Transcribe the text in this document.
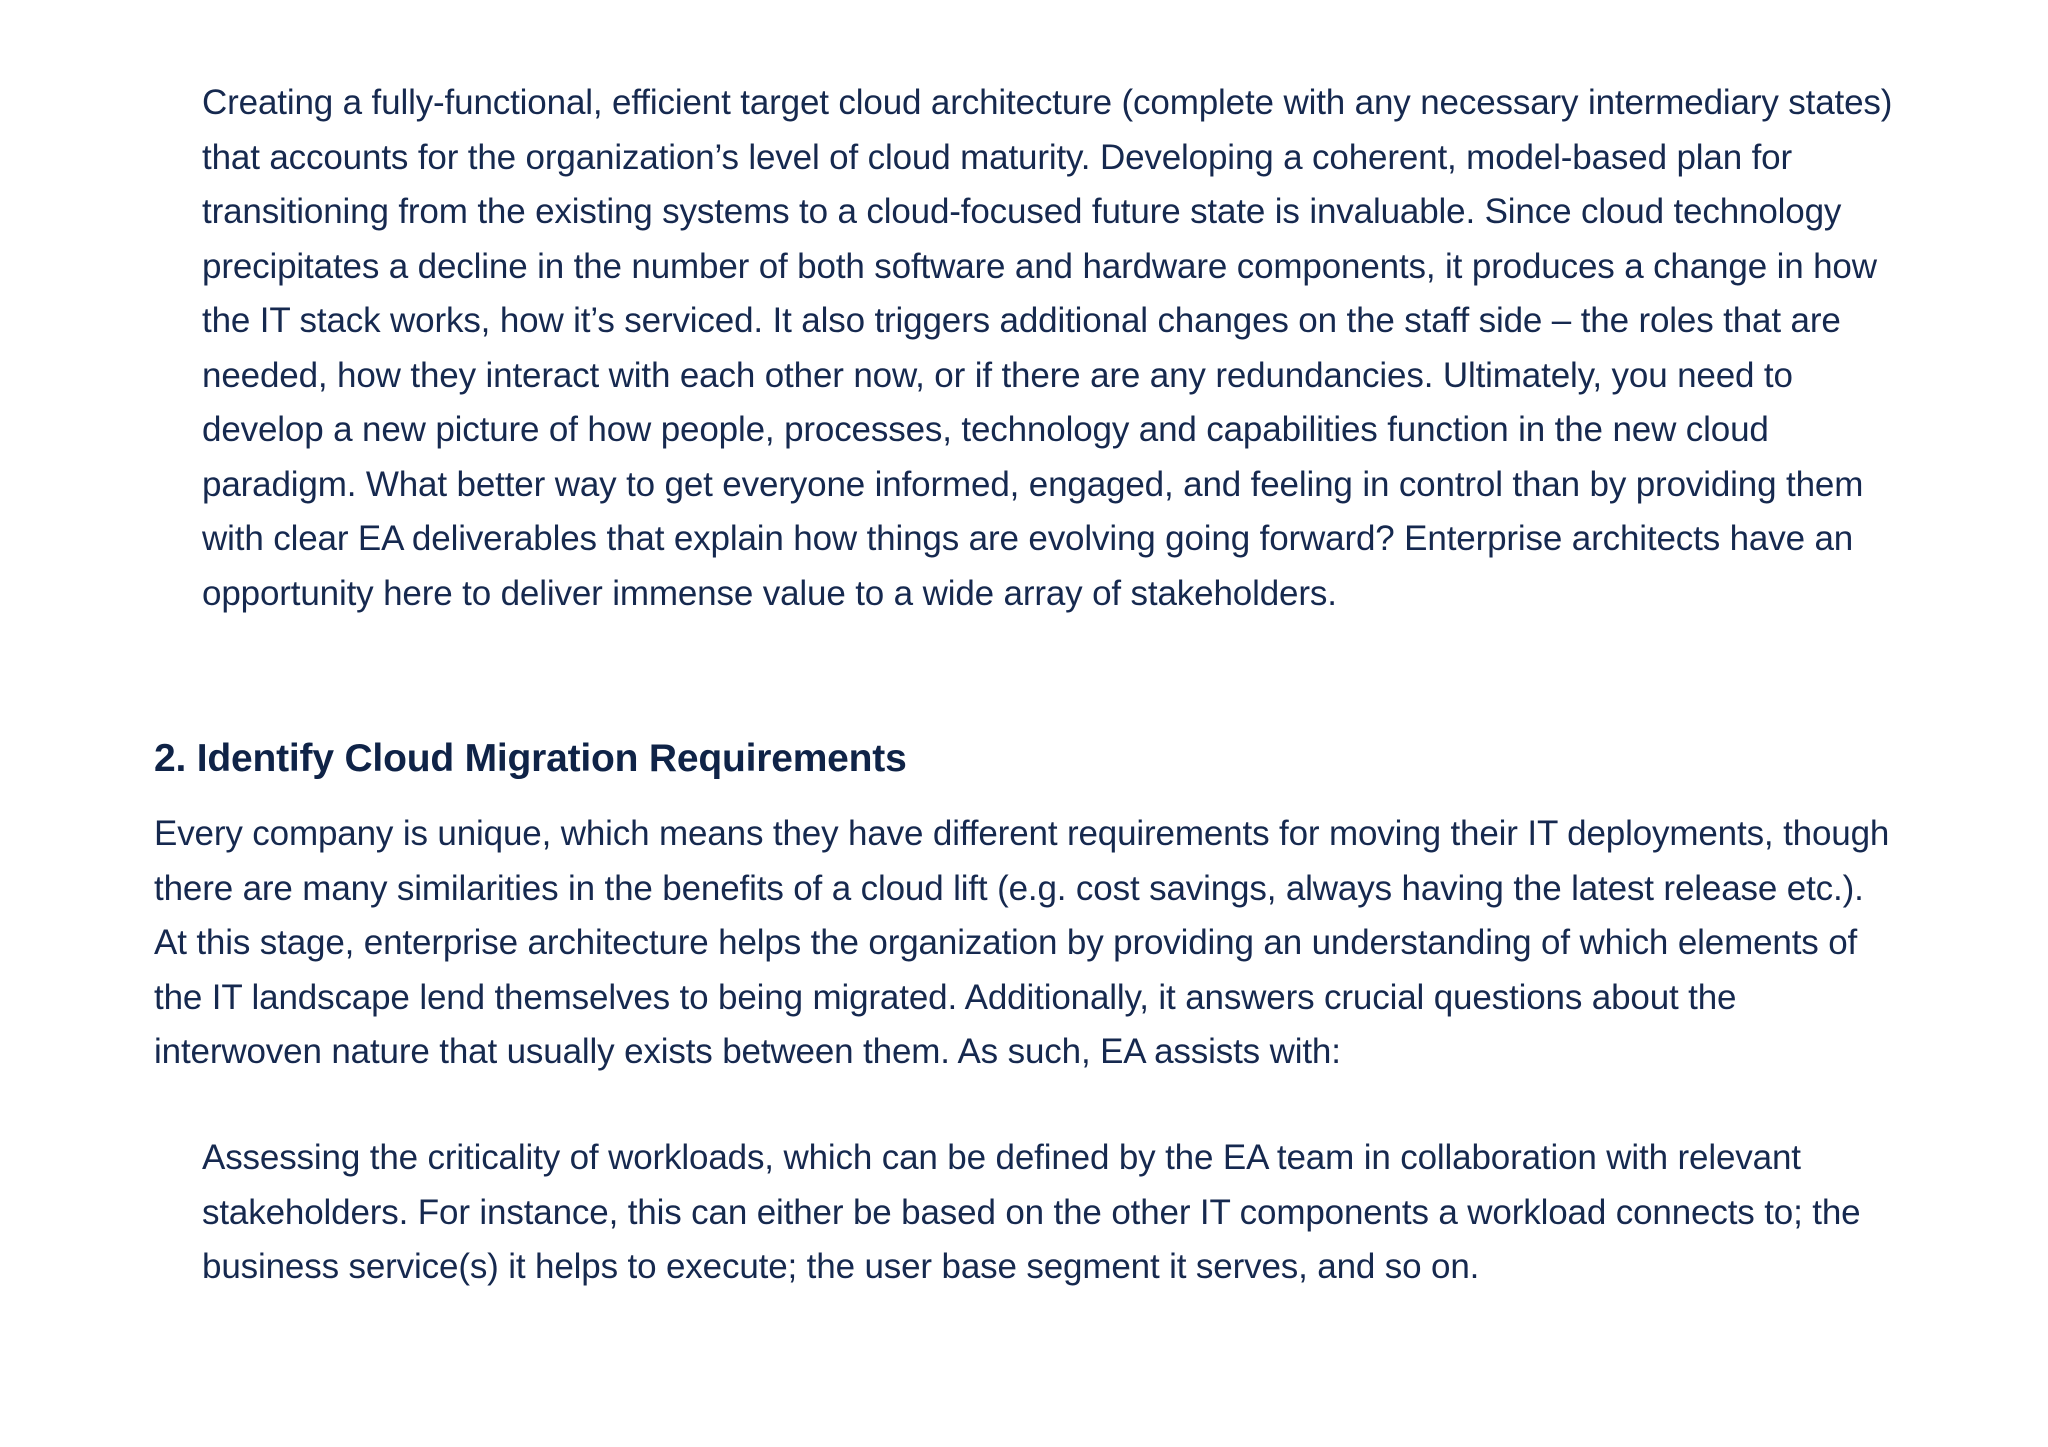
Creating a fully-functional, efficient target cloud architecture (complete with any necessary intermediary states) that accounts for the organization’s level of cloud maturity. Developing a coherent, model-based plan for transitioning from the existing systems to a cloud-focused future state is invaluable. Since cloud technology precipitates a decline in the number of both software and hardware components, it produces a change in how the IT stack works, how it’s serviced. It also triggers additional changes on the staff side – the roles that are needed, how they interact with each other now, or if there are any redundancies. Ultimately, you need to develop a new picture of how people, processes, technology and capabilities function in the new cloud paradigm. What better way to get everyone informed, engaged, and feeling in control than by providing them with clear EA deliverables that explain how things are evolving going forward? Enterprise architects have an opportunity here to deliver immense value to a wide array of stakeholders.

2. Identify Cloud Migration Requirements

Every company is unique, which means they have different requirements for moving their IT deployments, though there are many similarities in the benefits of a cloud lift (e.g. cost savings, always having the latest release etc.). At this stage, enterprise architecture helps the organization by providing an understanding of which elements of the IT landscape lend themselves to being migrated. Additionally, it answers crucial questions about the interwoven nature that usually exists between them. As such, EA assists with:

Assessing the criticality of workloads, which can be defined by the EA team in collaboration with relevant stakeholders. For instance, this can either be based on the other IT components a workload connects to; the business service(s) it helps to execute; the user base segment it serves, and so on.
